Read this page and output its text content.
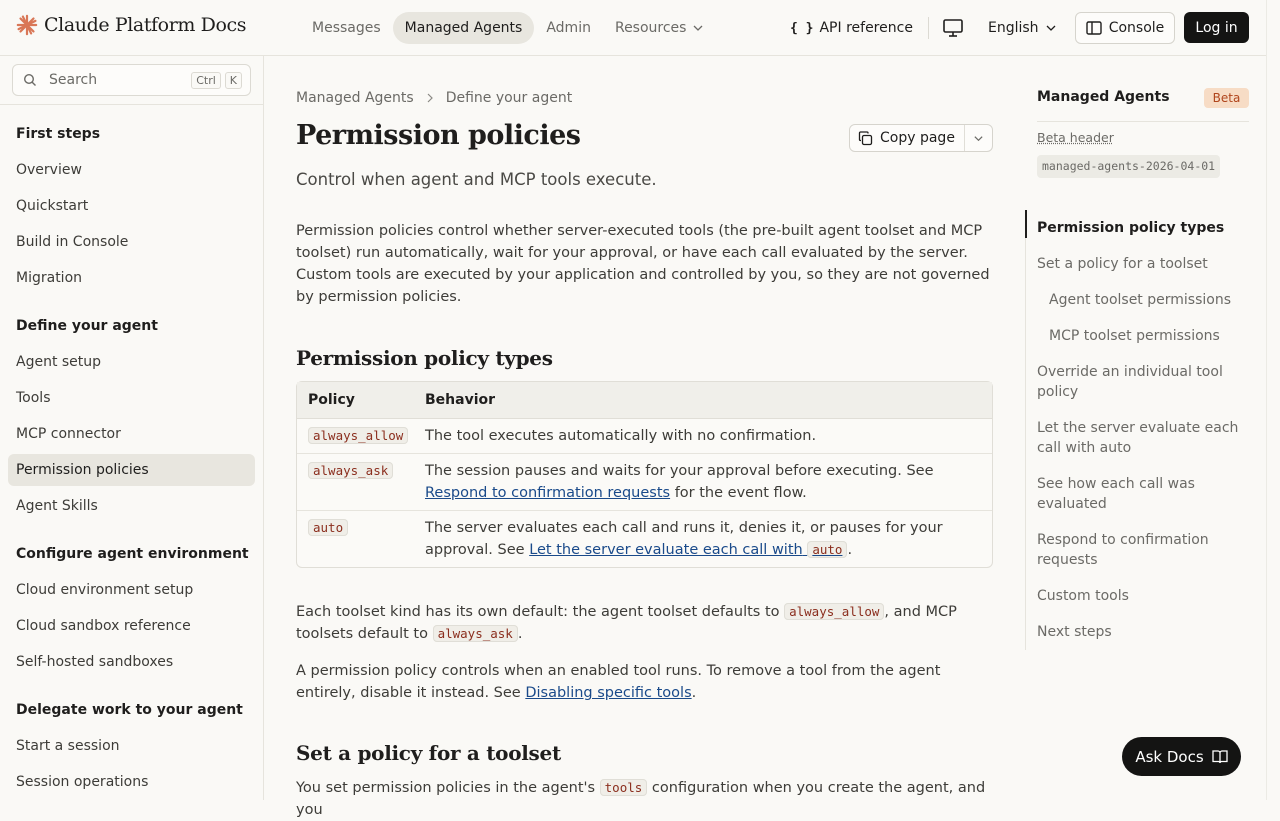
Claude Platform Docs	Messages Managed Agents Admin Resources	{ } API reference	English	Console Log in
Search	Ctrl	K
First steps
Overview
Quickstart
Build in Console
Migration
Define your agent
Agent setup
Tools
MCP connector
Permission policies
Agent Skills
Configure agent environment
Cloud environment setup
Cloud sandbox reference
Self-hosted sandboxes
Delegate work to your agent
Start a session
Session operations
Managed Agents Define your agent
Permission policies	Copy page
Control when agent and MCP tools execute.

Permission policies control whether server-executed tools (the pre-built agent toolset and MCP toolset) run automatically, wait for your approval, or have each call evaluated by the server. Custom tools are executed by your application and controlled by you, so they are not governed by permission policies.

Permission policy types
Policy	Behavior
always_allow	The tool executes automatically with no confirmation.
always_ask	The session pauses and waits for your approval before executing. See Respond to confirmation requests for the event flow.
auto	The server evaluates each call and runs it, denies it, or pauses for your approval. See Let the server evaluate each call with auto .

Each toolset kind has its own default: the agent toolset defaults to always_allow , and MCP toolsets default to always_ask .

A permission policy controls when an enabled tool runs. To remove a tool from the agent entirely, disable it instead. See Disabling specific tools.

Set a policy for a toolset

You set permission policies in the agent's tools configuration when you create the agent, and you

Managed Agents	Beta
Beta header
managed-agents-2026-04-01
Permission policy types
Set a policy for a toolset
Agent toolset permissions
MCP toolset permissions
Override an individual tool policy
Let the server evaluate each call with auto
See how each call was evaluated
Respond to confirmation requests
Custom tools
Next steps
Ask Docs
